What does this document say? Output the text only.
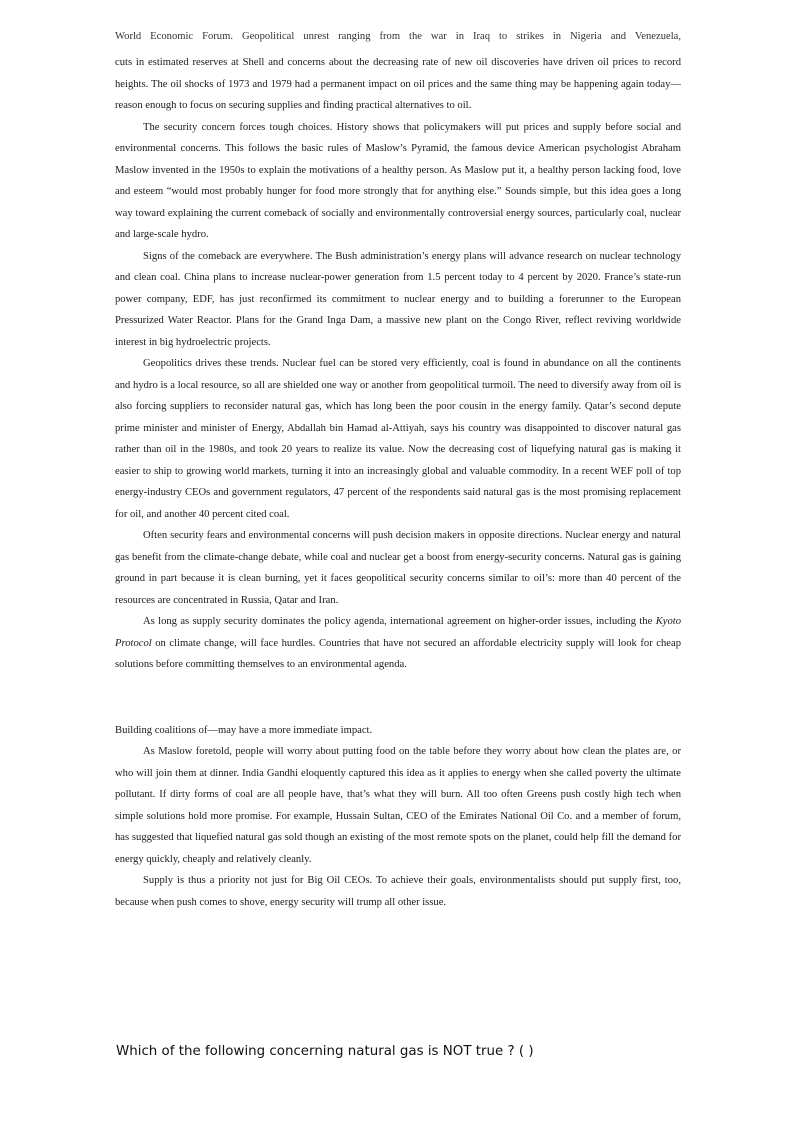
World Economic Forum. Geopolitical unrest ranging from the war in Iraq to strikes in Nigeria and Venezuela,

cuts in estimated reserves at Shell and concerns about the decreasing rate of new oil discoveries have driven oil prices to record heights. The oil shocks of 1973 and 1979 had a permanent impact on oil prices and the same thing may be happening again today—reason enough to focus on securing supplies and finding practical alternatives to oil.

The security concern forces tough choices. History shows that policymakers will put prices and supply before social and environmental concerns. This follows the basic rules of Maslow’s Pyramid, the famous device American psychologist Abraham Maslow invented in the 1950s to explain the motivations of a healthy person. As Maslow put it, a healthy person lacking food, love and esteem “would most probably hunger for food more strongly that for anything else.” Sounds simple, but this idea goes a long way toward explaining the current comeback of socially and environmentally controversial energy sources, particularly coal, nuclear and large-scale hydro.

Signs of the comeback are everywhere. The Bush administration’s energy plans will advance research on nuclear technology and clean coal. China plans to increase nuclear-power generation from 1.5 percent today to 4 percent by 2020. France’s state-run power company, EDF, has just reconfirmed its commitment to nuclear energy and to building a forerunner to the European Pressurized Water Reactor. Plans for the Grand Inga Dam, a massive new plant on the Congo River, reflect reviving worldwide interest in big hydroelectric projects.

Geopolitics drives these trends. Nuclear fuel can be stored very efficiently, coal is found in abundance on all the continents and hydro is a local resource, so all are shielded one way or another from geopolitical turmoil. The need to diversify away from oil is also forcing suppliers to reconsider natural gas, which has long been the poor cousin in the energy family. Qatar’s second depute prime minister and minister of Energy, Abdallah bin Hamad al-Attiyah, says his country was disappointed to discover natural gas rather than oil in the 1980s, and took 20 years to realize its value. Now the decreasing cost of liquefying natural gas is making it easier to ship to growing world markets, turning it into an increasingly global and valuable commodity. In a recent WEF poll of top energy-industry CEOs and government regulators, 47 percent of the respondents said natural gas is the most promising replacement for oil, and another 40 percent cited coal.

Often security fears and environmental concerns will push decision makers in opposite directions. Nuclear energy and natural gas benefit from the climate-change debate, while coal and nuclear get a boost from energy-security concerns. Natural gas is gaining ground in part because it is clean burning, yet it faces geopolitical security concerns similar to oil’s: more than 40 percent of the resources are concentrated in Russia, Qatar and Iran.

As long as supply security dominates the policy agenda, international agreement on higher-order issues, including the Kyoto Protocol on climate change, will face hurdles. Countries that have not secured an affordable electricity supply will look for cheap solutions before committing themselves to an environmental agenda.

Building coalitions of—may have a more immediate impact.

As Maslow foretold, people will worry about putting food on the table before they worry about how clean the plates are, or who will join them at dinner. India Gandhi eloquently captured this idea as it applies to energy when she called poverty the ultimate pollutant. If dirty forms of coal are all people have, that’s what they will burn. All too often Greens push costly high tech when simple solutions hold more promise. For example, Hussain Sultan, CEO of the Emirates National Oil Co. and a member of forum, has suggested that liquefied natural gas sold though an existing of the most remote spots on the planet, could help fill the demand for energy quickly, cheaply and relatively cleanly.

Supply is thus a priority not just for Big Oil CEOs. To achieve their goals, environmentalists should put supply first, too, because when push comes to shove, energy security will trump all other issue.

Which of the following concerning natural gas is NOT true ? ( )
